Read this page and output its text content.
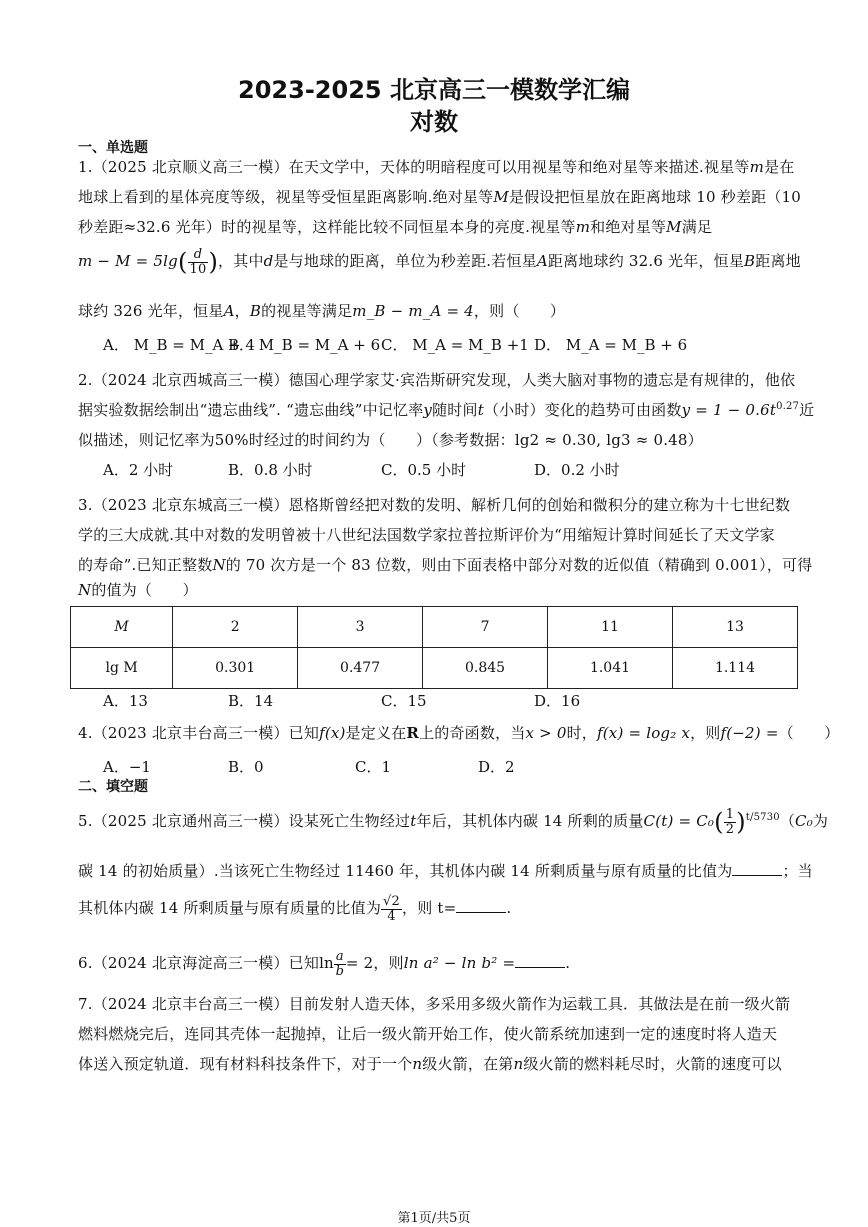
2023-2025 北京高三一模数学汇编
对数
一、单选题
1.（2025 北京顺义高三一模）在天文学中，天体的明暗程度可以用视星等和绝对星等来描述.视星等m是在
地球上看到的星体亮度等级，视星等受恒星距离影响.绝对星等M是假设把恒星放在距离地球 10 秒差距（10
秒差距≈32.6 光年）时的视星等，这样能比较不同恒星本身的亮度.视星等m和绝对星等M满足
$m - M = 5\lg( \frac{d}{10}$ )，其中d是与地球的距离，单位为秒差距.若恒星A距离地球约 32.6 光年，恒星B距离地
球约 326 光年，恒星A，B的视星等满足m_B − m_A = 4，则（　　）
A． M_B = M_A + 4
B． M_B = M_A + 6 C． M_A = M_B +1 D． M_A = M_B + 6
2.（2024 北京西城高三一模）德国心理学家艾·宾浩斯研究发现，人类大脑对事物的遗忘是有规律的，他依
据实验数据绘制出“遗忘曲线”. “遗忘曲线”中记忆率y随时间t（小时）变化的趋势可由函数$y = 1 - 0.6t^{0.27}$近
似描述，则记忆率为50%时经过的时间约为（　　）（参考数据：lg2 ≈ 0.30, lg3 ≈ 0.48）
A．2 小时	B．0.8 小时	C．0.5 小时	D．0.2 小时
3.（2023 北京东城高三一模）恩格斯曾经把对数的发明、解析几何的创始和微积分的建立称为十七世纪数
学的三大成就.其中对数的发明曾被十八世纪法国数学家拉普拉斯评价为“用缩短计算时间延长了天文学家
的寿命”.已知正整数N的 70 次方是一个 83 位数，则由下面表格中部分对数的近似值（精确到 0.001），可得
N的值为（　　）
M	2	3	7	11	13
lg M	0.301	0.477	0.845	1.041	1.114
A．13	B．14	C．15	D．16
4.（2023 北京丰台高三一模）已知f(x)是定义在R上的奇函数，当x > 0时，f(x) = log₂ x，则f(−2) =（　　）
A．−1	B．0	C．1	D．2
二、填空题
5.（2025 北京通州高三一模）设某死亡生物经过t年后，其机体内碳 14 所剩的质量$C(t) = C_0( \frac{1}{2} )^{t/5730}(C_0$为
碳 14 的初始质量）.当该死亡生物经过 11460 年，其机体内碳 14 所剩质量与原有质量的比值为	；当
其机体内碳 14 所剩质量与原有质量的比值为 $\frac{√2}{4}$ ，则 t=	.
6.（2024 北京海淀高三一模）已知$\ln \frac{a}{b}= 2$，则ln a² − ln b² =	.
7.（2024 北京丰台高三一模）目前发射人造天体，多采用多级火箭作为运载工具．其做法是在前一级火箭
燃料燃烧完后，连同其壳体一起抛掉，让后一级火箭开始工作，使火箭系统加速到一定的速度时将人造天
体送入预定轨道．现有材料科技条件下，对于一个n级火箭，在第n级火箭的燃料耗尽时，火箭的速度可以
第1页/共5页
